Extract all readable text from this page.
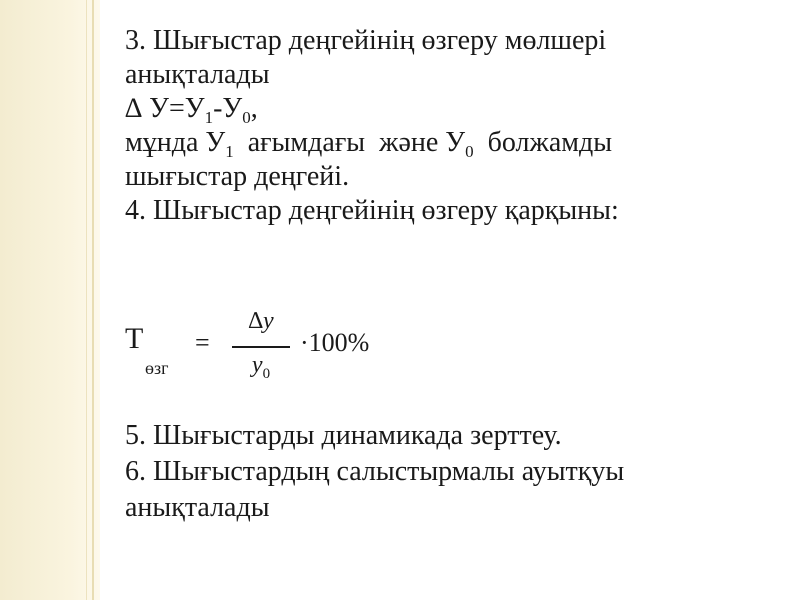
3. Шығыстар деңгейінің өзгеру мөлшері
анықталады
∆ $У=У_1-У_0$,
мұнда $У_1$  ағымдағы  және $У_0$  болжамды
шығыстар деңгейі.
4. Шығыстар деңгейінің өзгеру қарқыны:
T
өзг
=
∆y
$y_0$
·100%
5. Шығыстарды динамикада зерттеу.
6. Шығыстардың салыстырмалы ауытқуы
анықталады
